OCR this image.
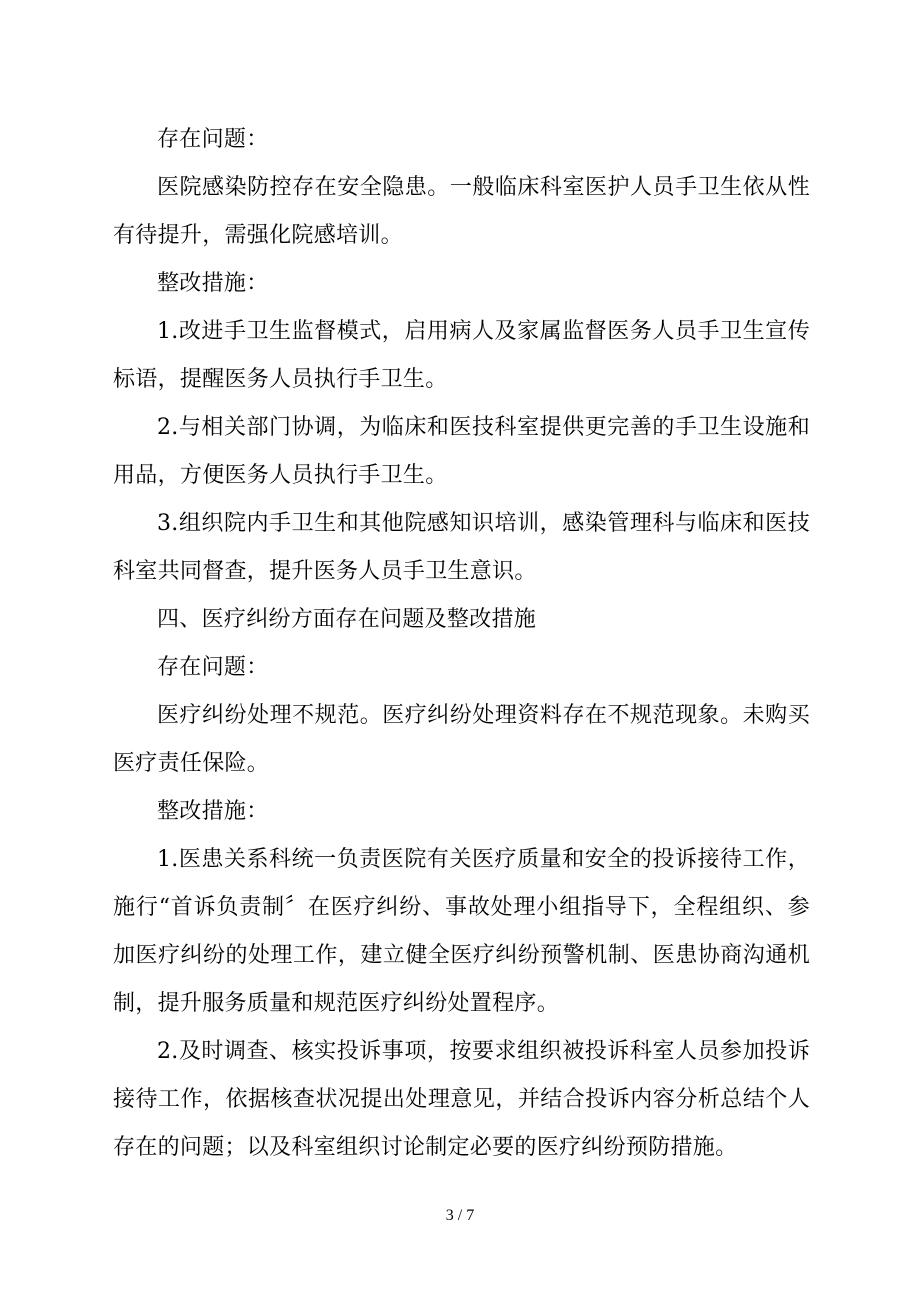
存在问题：

医院感染防控存在安全隐患。一般临床科室医护人员手卫生依从性有待提升，需强化院感培训。

整改措施：

1.改进手卫生监督模式，启用病人及家属监督医务人员手卫生宣传标语，提醒医务人员执行手卫生。

2.与相关部门协调，为临床和医技科室提供更完善的手卫生设施和用品，方便医务人员执行手卫生。

3.组织院内手卫生和其他院感知识培训，感染管理科与临床和医技科室共同督查，提升医务人员手卫生意识。

四、医疗纠纷方面存在问题及整改措施

存在问题：

医疗纠纷处理不规范。医疗纠纷处理资料存在不规范现象。未购买医疗责任保险。

整改措施：

1.医患关系科统一负责医院有关医疗质量和安全的投诉接待工作，施行“首诉负责制〞在医疗纠纷、事故处理小组指导下，全程组织、参加医疗纠纷的处理工作，建立健全医疗纠纷预警机制、医患协商沟通机制，提升服务质量和规范医疗纠纷处置程序。

2.及时调查、核实投诉事项，按要求组织被投诉科室人员参加投诉接待工作，依据核查状况提出处理意见，并结合投诉内容分析总结个人存在的问题；以及科室组织讨论制定必要的医疗纠纷预防措施。

3 / 7
